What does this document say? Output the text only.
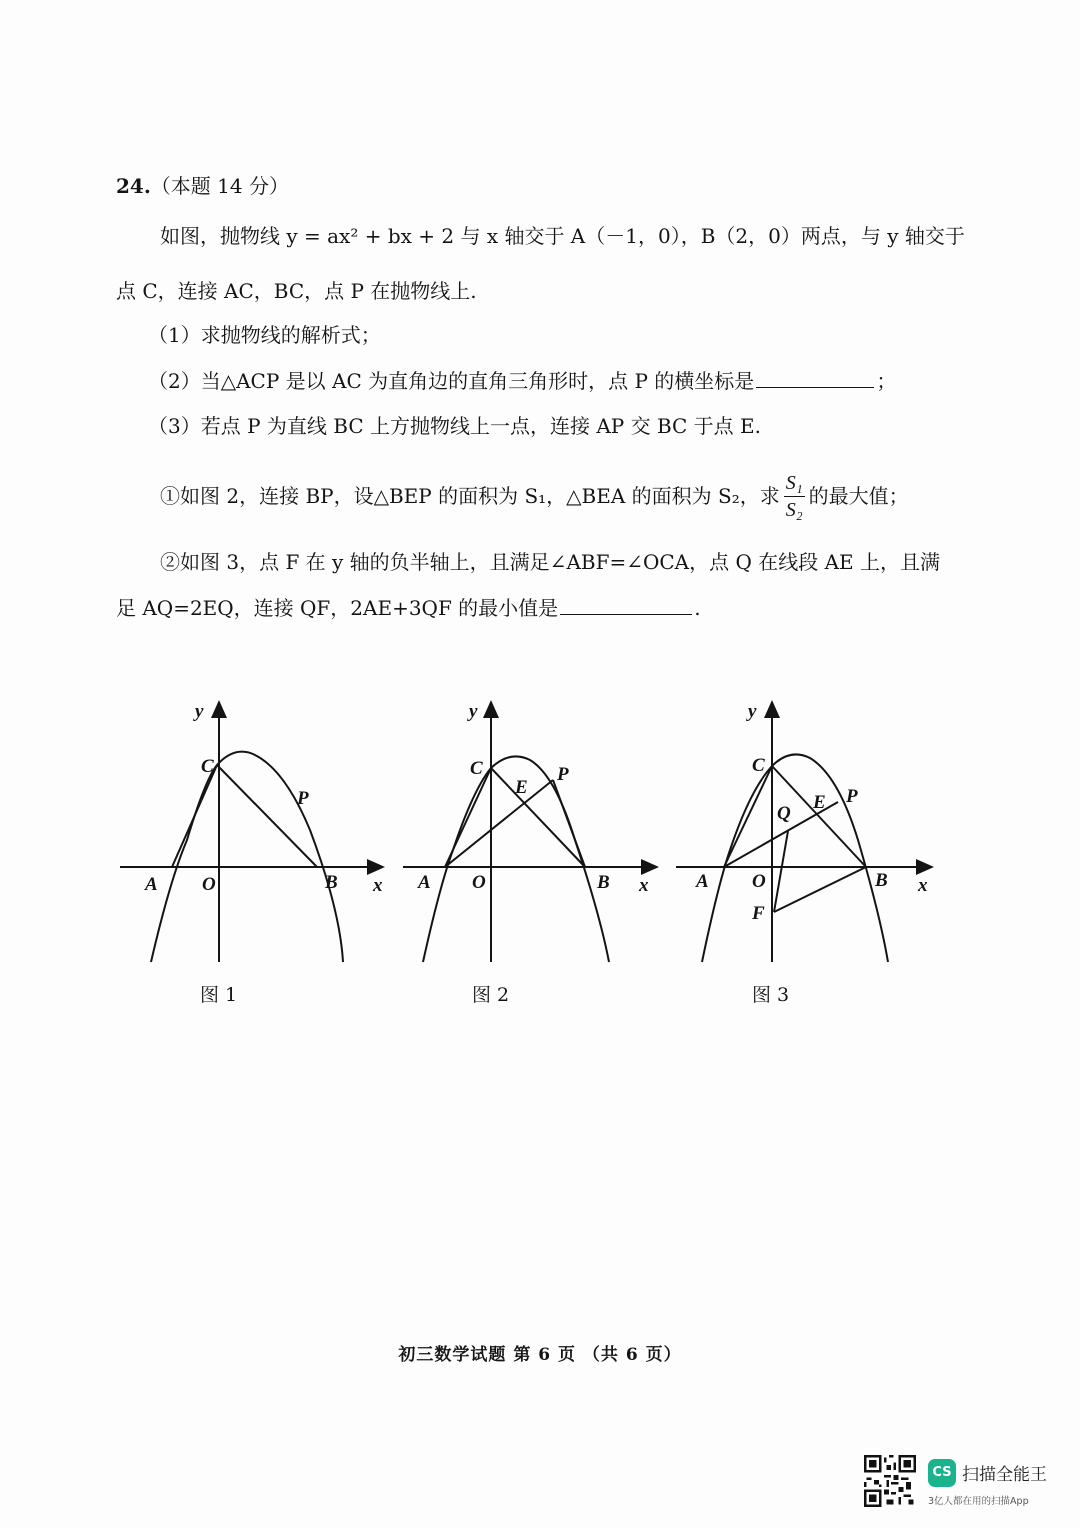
24.（本题 14 分）
如图，抛物线 y = ax² + bx + 2 与 x 轴交于 A（－1，0），B（2，0）两点，与 y 轴交于
点 C，连接 AC，BC，点 P 在抛物线上.
（1）求抛物线的解析式；
（2）当△ACP 是以 AC 为直角边的直角三角形时，点 P 的横坐标是	；
（3）若点 P 为直线 BC 上方抛物线上一点，连接 AP 交 BC 于点 E.
①如图 2，连接 BP，设△BEP 的面积为 S₁，△BEA 的面积为 S₂，求 $\frac{\text{S₁}}{\text{S₂}}$ 的最大值；
②如图 3，点 F 在 y 轴的负半轴上，且满足∠ABF=∠OCA，点 Q 在线段 AE 上，且满
足 AQ=2EQ，连接 QF，2AE+3QF 的最小值是	.
y
x
C
P
A O	B
图 1
y
x
C
E
P
A O	B
图 2
y
x
C
Q
E P
A O	B
F
图 3
初三数学试题 第 6 页 （共 6 页）
CS 扫描全能王
3亿人都在用的扫描App
